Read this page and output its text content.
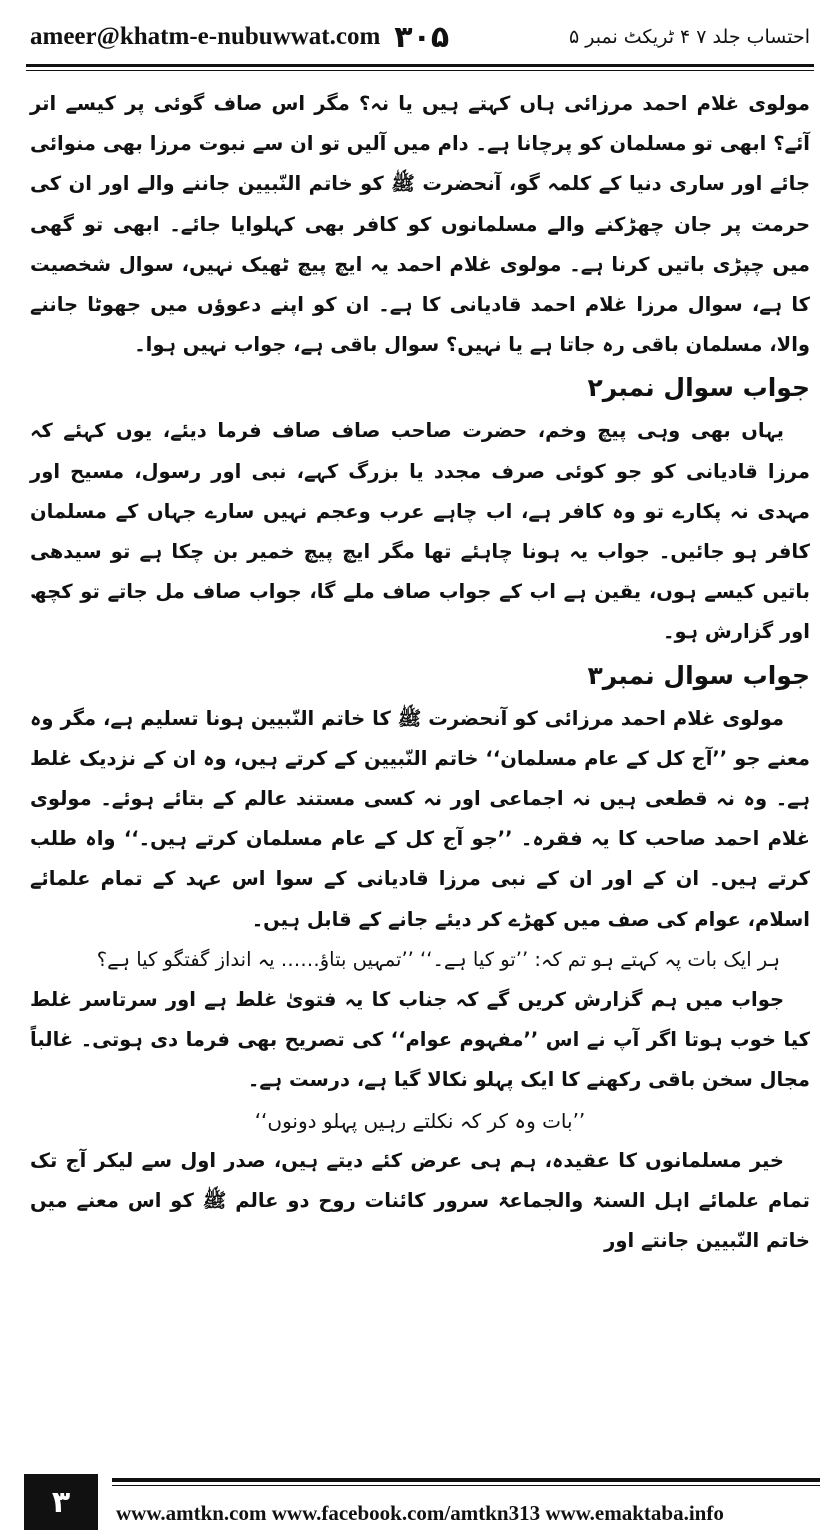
ameer@khatm-e-nubuwwat.com ۳۰۵	احتساب جلد ۷ ۴ ٹریکٹ نمبر ۵

مولوی غلام احمد مرزائی ہاں کہتے ہیں یا نہ؟ مگر اس صاف گوئی پر کیسے اتر آئے؟ ابھی تو مسلمان کو پرچانا ہے۔ دام میں آلیں تو ان سے نبوت مرزا بھی منوائی جائے اور ساری دنیا کے کلمہ گو، آنحضرت ﷺ کو خاتم النّبیین جاننے والے اور ان کی حرمت پر جان چھڑکنے والے مسلمانوں کو کافر بھی کہلوایا جائے۔ ابھی تو گھی میں چپڑی باتیں کرنا ہے۔ مولوی غلام احمد یہ ایچ پیچ ٹھیک نہیں، سوال شخصیت کا ہے، سوال مرزا غلام احمد قادیانی کا ہے۔ ان کو اپنے دعوؤں میں جھوٹا جاننے والا، مسلمان باقی رہ جاتا ہے یا نہیں؟ سوال باقی ہے، جواب نہیں ہوا۔

جواب سوال نمبر۲

یہاں بھی وہی پیچ وخم، حضرت صاحب صاف صاف فرما دیئے، یوں کہئے کہ مرزا قادیانی کو جو کوئی صرف مجدد یا بزرگ کہے، نبی اور رسول، مسیح اور مہدی نہ پکارے تو وہ کافر ہے، اب چاہے عرب وعجم نہیں سارے جہاں کے مسلمان کافر ہو جائیں۔ جواب یہ ہونا چاہئے تھا مگر ایچ پیچ خمیر بن چکا ہے تو سیدھی باتیں کیسے ہوں، یقین ہے اب کے جواب صاف ملے گا، جواب صاف مل جاتے تو کچھ اور گزارش ہو۔

جواب سوال نمبر۳

مولوی غلام احمد مرزائی کو آنحضرت ﷺ کا خاتم النّبیین ہونا تسلیم ہے، مگر وہ معنے جو ’’آج کل کے عام مسلمان‘‘ خاتم النّبیین کے کرتے ہیں، وہ ان کے نزدیک غلط ہے۔ وہ نہ قطعی ہیں نہ اجماعی اور نہ کسی مستند عالم کے بتائے ہوئے۔ مولوی غلام احمد صاحب کا یہ فقرہ۔ ’’جو آج کل کے عام مسلمان کرتے ہیں۔‘‘ واہ طلب کرتے ہیں۔ ان کے اور ان کے نبی مرزا قادیانی کے سوا اس عہد کے تمام علمائے اسلام، عوام کی صف میں کھڑے کر دیئے جانے کے قابل ہیں۔

ہر ایک بات پہ کہتے ہو تم کہ: ’’تو کیا ہے۔‘‘ ’’تمہیں بتاؤ…… یہ انداز گفتگو کیا ہے؟

جواب میں ہم گزارش کریں گے کہ جناب کا یہ فتویٰ غلط ہے اور سرتاسر غلط کیا خوب ہوتا اگر آپ نے اس ’’مفہوم عوام‘‘ کی تصریح بھی فرما دی ہوتی۔ غالباً مجال سخن باقی رکھنے کا ایک پہلو نکالا گیا ہے، درست ہے۔

’’بات وہ کر کہ نکلتے رہیں پہلو دونوں‘‘

خیر مسلمانوں کا عقیدہ، ہم ہی عرض کئے دیتے ہیں، صدر اول سے لیکر آج تک تمام علمائے اہل السنۃ والجماعۃ سرور کائنات روح دو عالم ﷺ کو اس معنے میں خاتم النّبیین جانتے اور

۳	www.amtkn.com www.facebook.com/amtkn313 www.emaktaba.info
